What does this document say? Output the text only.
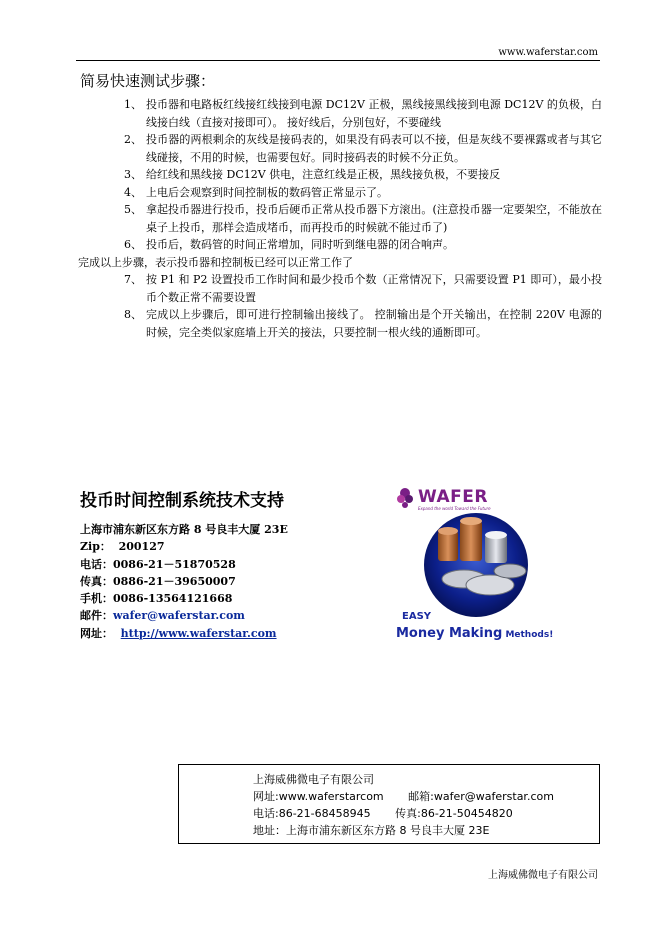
www.waferstar.com
简易快速测试步骤：
1、 投币器和电路板红线接红线接到电源 DC12V 正极，黑线接黑线接到电源 DC12V 的负极，白线接白线（直接对接即可）。 接好线后，分别包好，不要碰线
2、 投币器的两根剩余的灰线是接码表的，如果没有码表可以不接，但是灰线不要裸露或者与其它线碰接，不用的时候，也需要包好。同时接码表的时候不分正负。
3、 给红线和黑线接 DC12V 供电，注意红线是正极，黑线接负极，不要接反
4、 上电后会观察到时间控制板的数码管正常显示了。
5、 拿起投币器进行投币，投币后硬币正常从投币器下方滚出。(注意投币器一定要架空，不能放在桌子上投币，那样会造成堵币，而再投币的时候就不能过币了)
6、 投币后，数码管的时间正常增加，同时听到继电器的闭合响声。
完成以上步骤，表示投币器和控制板已经可以正常工作了
7、 按 P1 和 P2 设置投币工作时间和最少投币个数（正常情况下，只需要设置 P1 即可），最小投币个数正常不需要设置
8、 完成以上步骤后，即可进行控制输出接线了。 控制输出是个开关输出，在控制 220V 电源的时候，完全类似家庭墙上开关的接法，只要控制一根火线的通断即可。
投币时间控制系统技术支持
上海市浦东新区东方路 8 号良丰大厦 23E
Zip： 200127
电话：0086-21－51870528
传真：0886-21－39650007
手机：0086-13564121668
邮件：wafer@waferstar.com
网址： http://www.waferstar.com
WAFER
Expand the world Toward the Future
EASY
Money Making Methods!
上海威佛微电子有限公司
网址:www.waferstarcom 邮箱:wafer@waferstar.com
电话:86-21-68458945 传真:86-21-50454820
地址：上海市浦东新区东方路 8 号良丰大厦 23E
上海威佛微电子有限公司
